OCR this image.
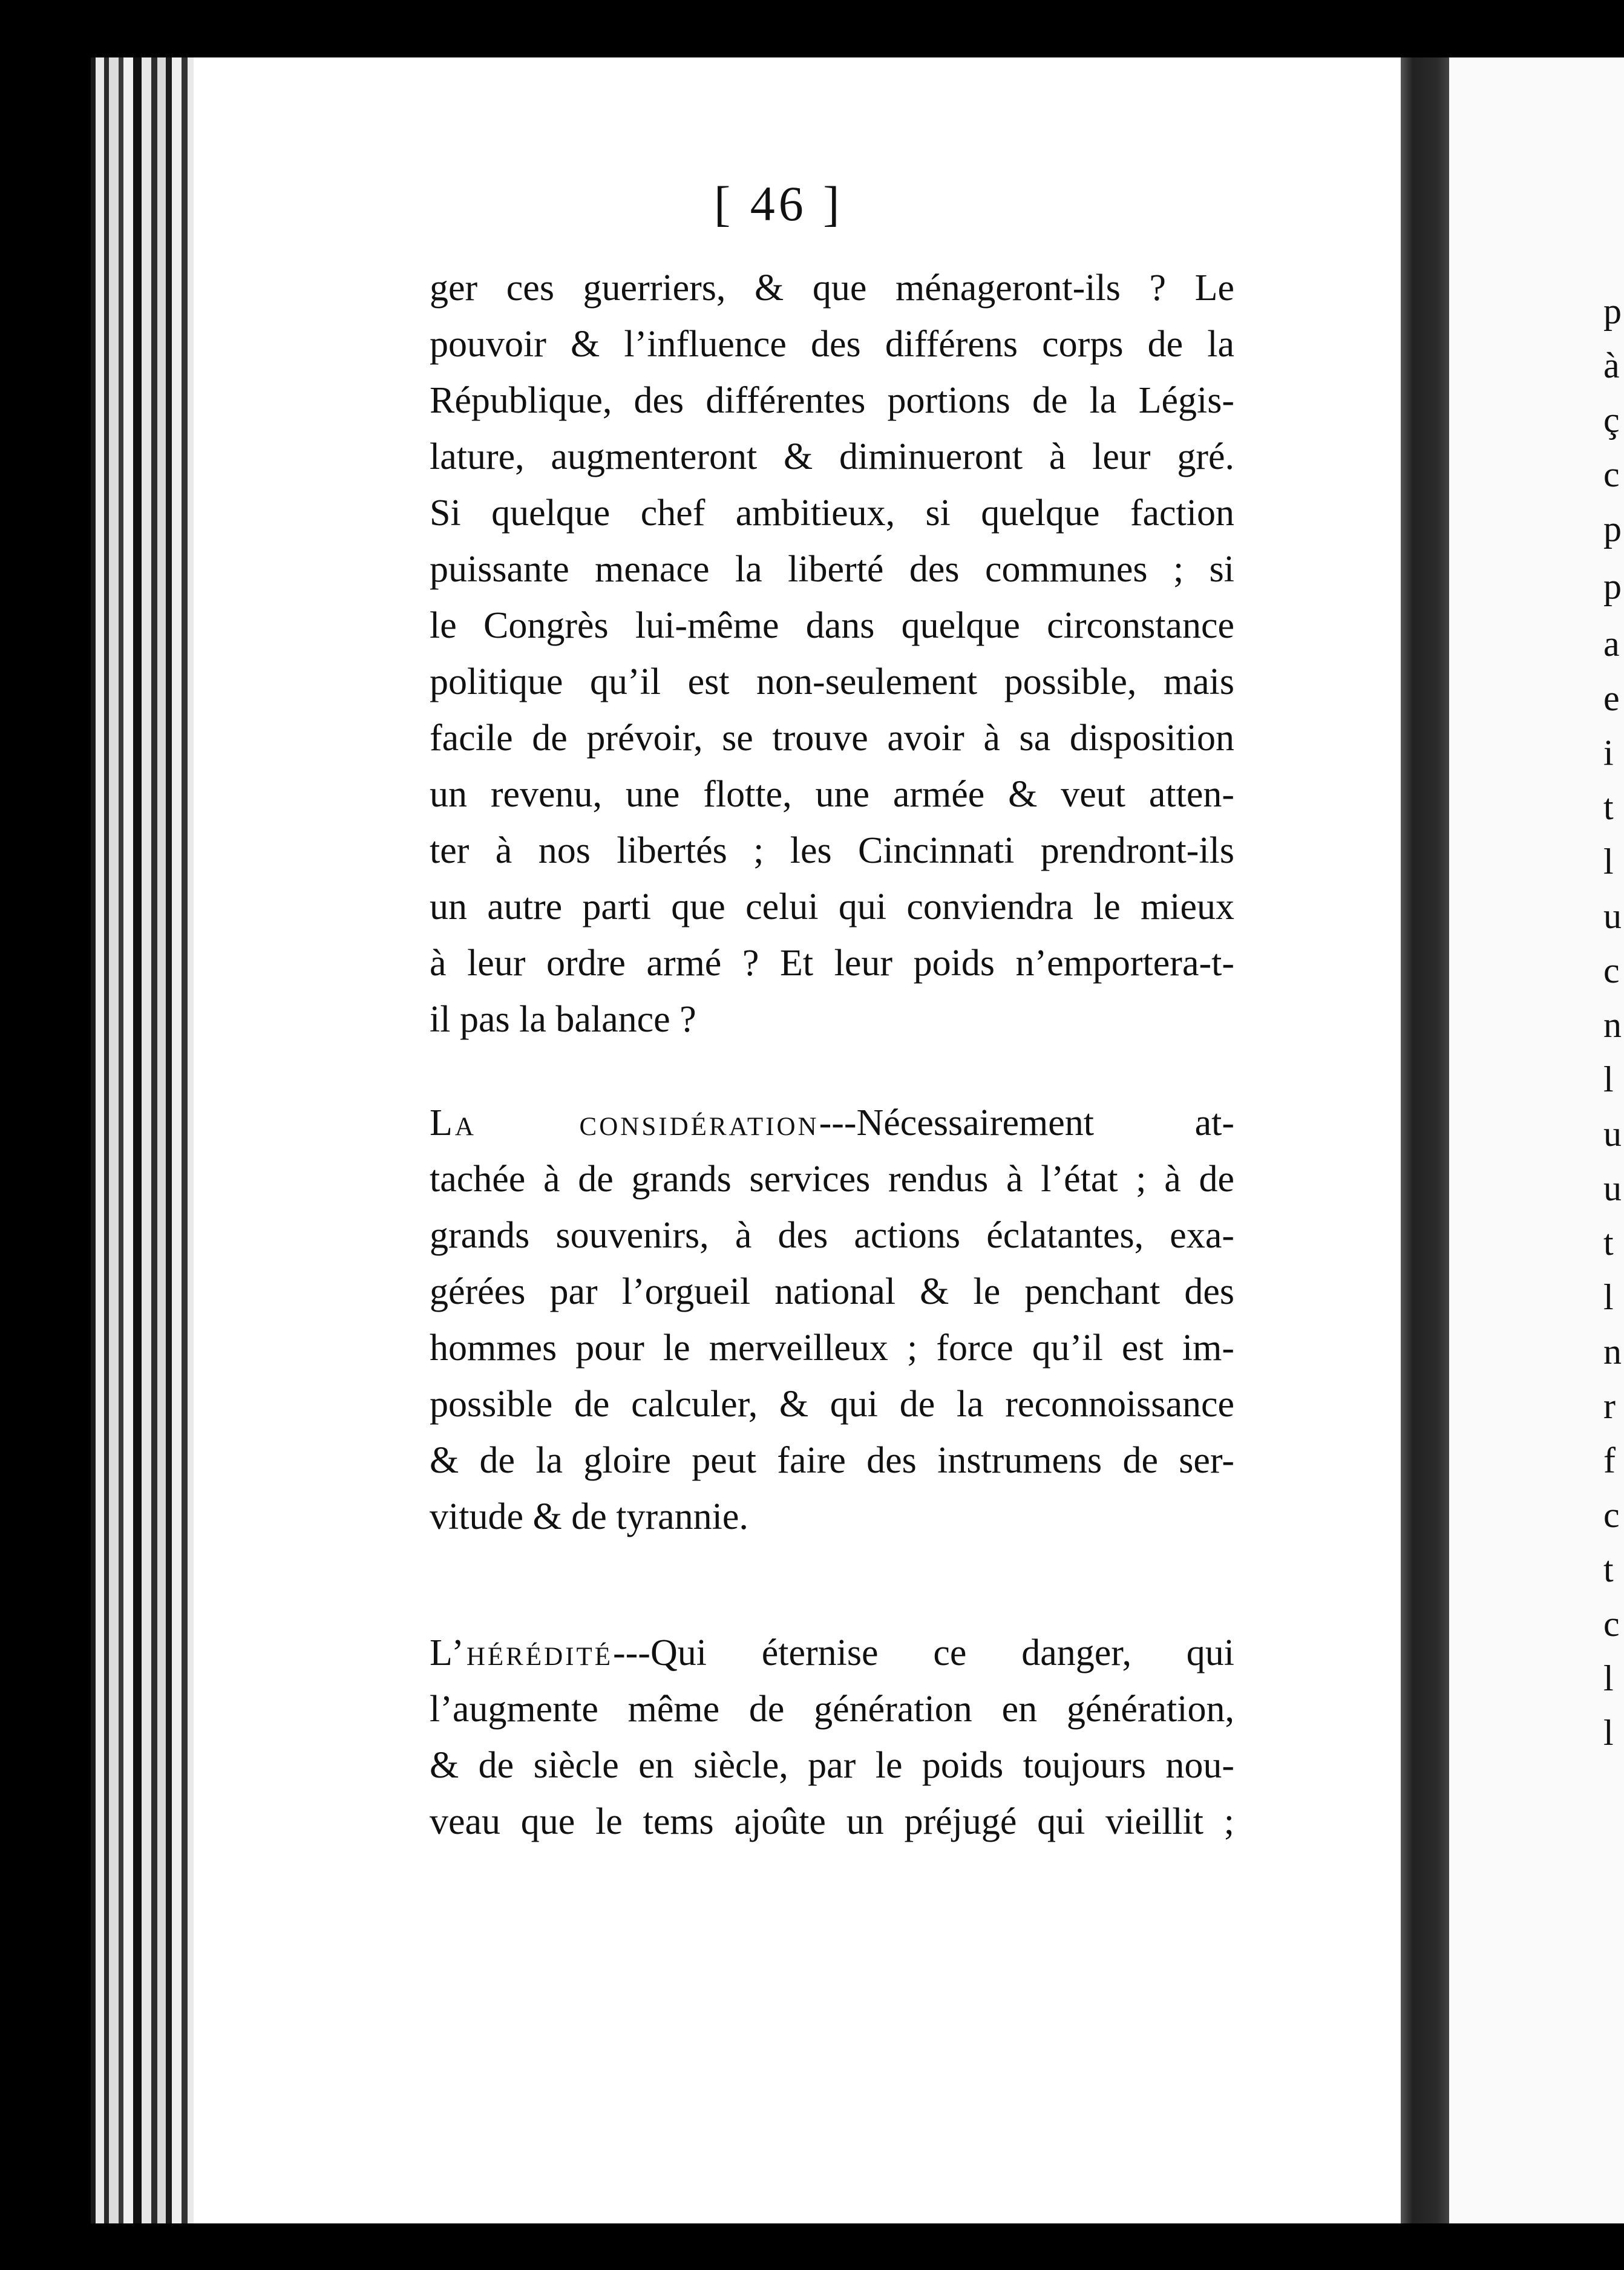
[ 46 ]
ger ces guerriers, & que ménageront-ils ? Le
pouvoir & l’influence des différens corps de la
République, des différentes portions de la Légis-
lature, augmenteront & diminueront à leur gré.
Si quelque chef ambitieux, si quelque faction
puissante menace la liberté des communes ; si
le Congrès lui-même dans quelque circonstance
politique qu’il est non-seulement possible, mais
facile de prévoir, se trouve avoir à sa disposition
un revenu, une flotte, une armée & veut atten-
ter à nos libertés ; les Cincinnati prendront-ils
un autre parti que celui qui conviendra le mieux
à leur ordre armé ? Et leur poids n’emportera-t-
il pas la balance ?
La considération---Nécessairement at-
tachée à de grands services rendus à l’état ; à de
grands souvenirs, à des actions éclatantes, exa-
gérées par l’orgueil national & le penchant des
hommes pour le merveilleux ; force qu’il est im-
possible de calculer, & qui de la reconnoissance
& de la gloire peut faire des instrumens de ser-
vitude & de tyrannie.
L’hérédité---Qui éternise ce danger, qui
l’augmente même de génération en génération,
& de siècle en siècle, par le poids toujours nou-
veau que le tems ajoûte un préjugé qui vieillit ;
p
à
ç
c
p
p
a
e
i
t
l
u
c
n
l
u
u
t
l
n
r
f
c
t
c
l
l
